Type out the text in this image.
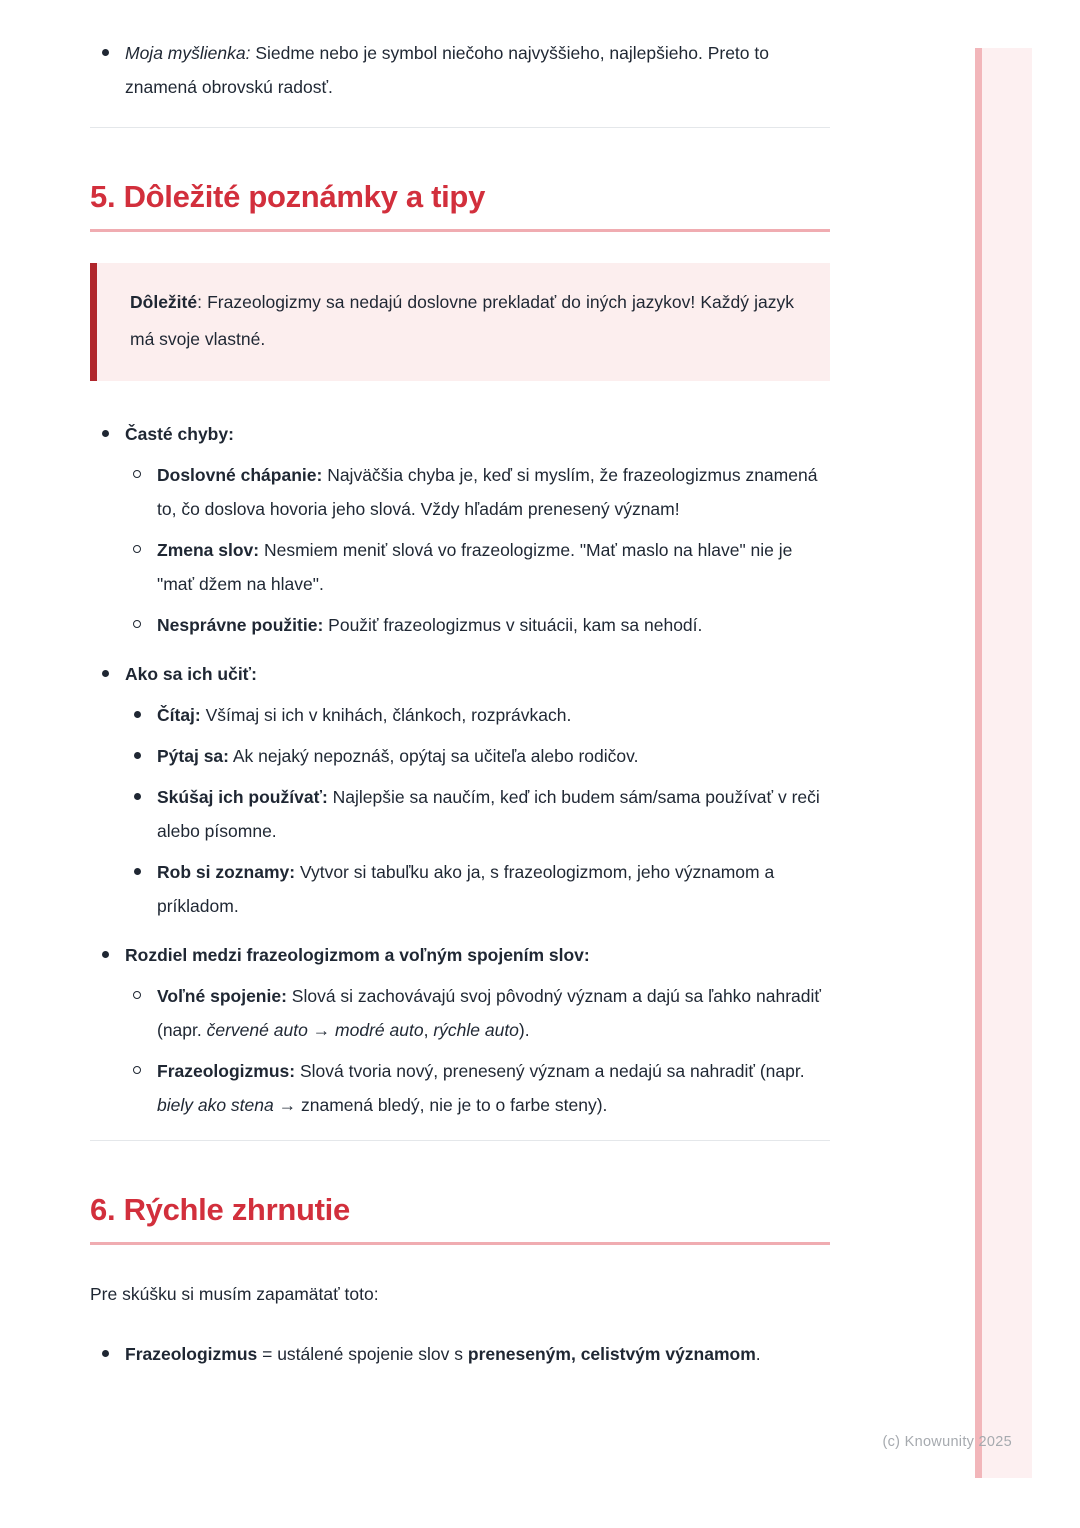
Moja myšlienka: Siedme nebo je symbol niečoho najvyššieho, najlepšieho. Preto to znamená obrovskú radosť.
5. Dôležité poznámky a tipy

Dôležité: Frazeologizmy sa nedajú doslovne prekladať do iných jazykov! Každý jazyk má svoje vlastné.

Časté chyby:
Doslovné chápanie: Najväčšia chyba je, keď si myslím, že frazeologizmus znamená to, čo doslova hovoria jeho slová. Vždy hľadám prenesený význam!
Zmena slov: Nesmiem meniť slová vo frazeologizme. "Mať maslo na hlave" nie je "mať džem na hlave".
Nesprávne použitie: Použiť frazeologizmus v situácii, kam sa nehodí.
Ako sa ich učiť:
Čítaj: Všímaj si ich v knihách, článkoch, rozprávkach.
Pýtaj sa: Ak nejaký nepoznáš, opýtaj sa učiteľa alebo rodičov.
Skúšaj ich používať: Najlepšie sa naučím, keď ich budem sám/sama používať v reči alebo písomne.
Rob si zoznamy: Vytvor si tabuľku ako ja, s frazeologizmom, jeho významom a príkladom.
Rozdiel medzi frazeologizmom a voľným spojením slov:
Voľné spojenie: Slová si zachovávajú svoj pôvodný význam a dajú sa ľahko nahradiť (napr. červené auto → modré auto, rýchle auto).
Frazeologizmus: Slová tvoria nový, prenesený význam a nedajú sa nahradiť (napr. biely ako stena → znamená bledý, nie je to o farbe steny).
6. Rýchle zhrnutie

Pre skúšku si musím zapamätať toto:

Frazeologizmus = ustálené spojenie slov s preneseným, celistvým významom.
(c) Knowunity 2025
